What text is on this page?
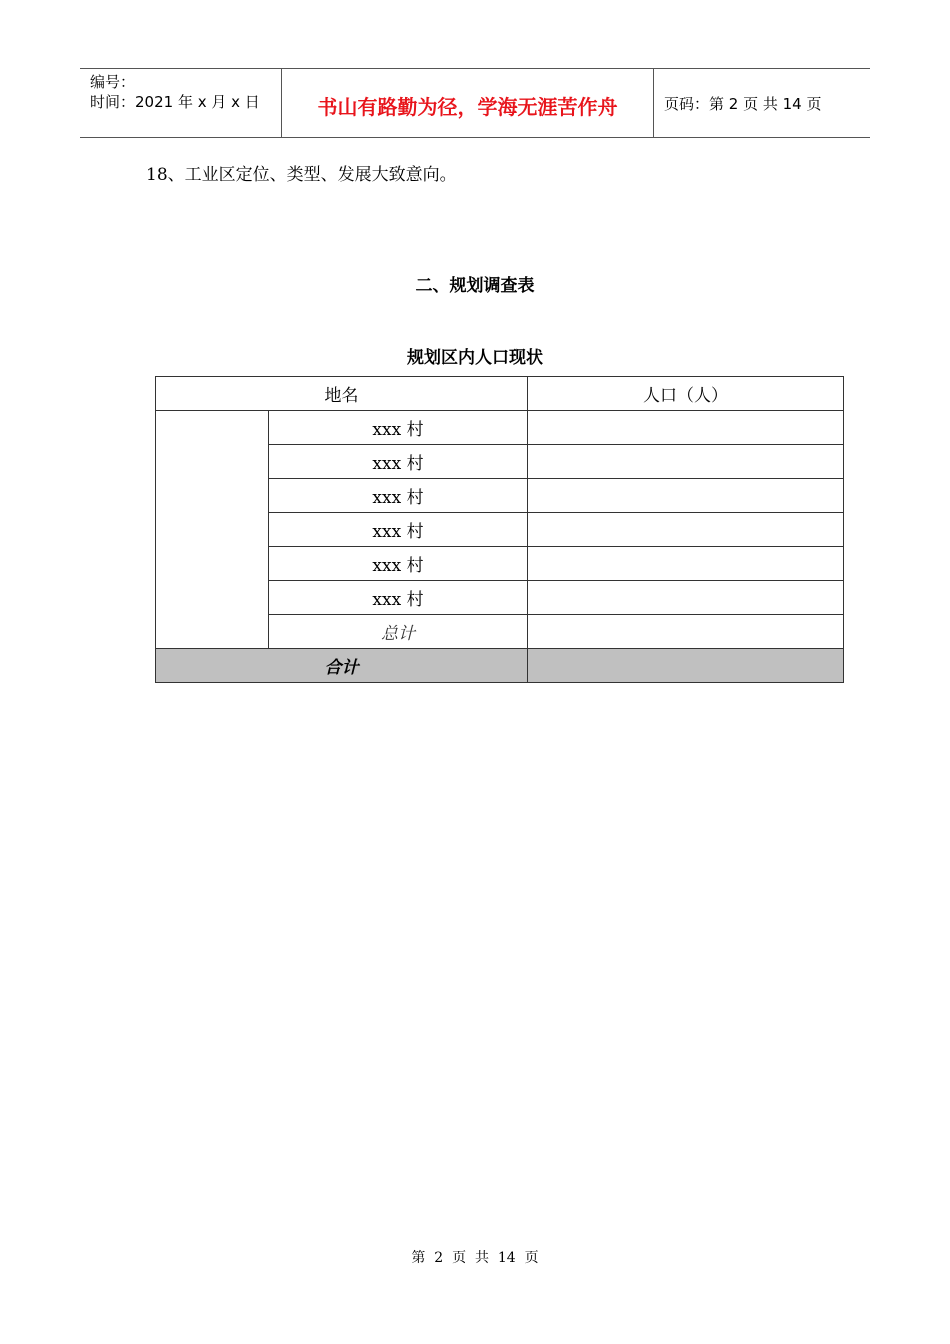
编号：
时间：2021 年 x 月 x 日	书山有路勤为径，学海无涯苦作舟	页码：第 2 页 共 14 页
18、工业区定位、类型、发展大致意向。
二、规划调查表
规划区内人口现状
地名		人口（人）
	xxx 村	
	xxx 村	
	xxx 村	
	xxx 村	
	xxx 村	
	xxx 村	
	总计	
合计		
第  2  页  共  14  页
